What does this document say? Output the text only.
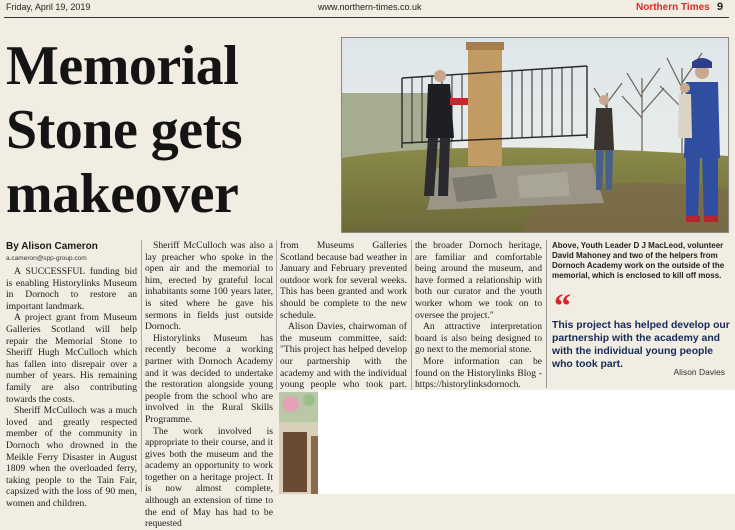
Friday, April 19, 2019	www.northern-times.co.uk	Northern Times 9
Memorial
Stone gets
makeover
By Alison Cameron
a.cameron@spp-group.com

A SUCCESSFUL funding bid is enabling Historylinks Museum in Dornoch to restore an important landmark.

A project grant from Museum Galleries Scotland will help repair the Memorial Stone to Sheriff Hugh McCulloch which has fallen into disrepair over a number of years. His remaining family are also contributing towards the costs.

Sheriff McCulloch was a much loved and greatly respected member of the community in Dornoch who drowned in the Meikle Ferry Disaster in August 1809 when the overloaded ferry, taking people to the Tain Fair, capsized with the loss of 90 men, women and children.

Sheriff McCulloch was also a lay preacher who spoke in the open air and the memorial to him, erected by grateful local inhabitants some 100 years later, is sited where he gave his sermons in fields just outside Dornoch.

Historylinks Museum has recently become a working partner with Dornoch Academy and it was decided to undertake the restoration alongside young people from the school who are involved in the Rural Skills Programme.

The work involved is appropriate to their course, and it gives both the museum and the academy an opportunity to work together on a heritage project. It is now almost complete, although an extension of time to the end of May has had to be requested

from Museums Galleries Scotland because bad weather in January and February prevented outdoor work for several weeks. This has been granted and work should be complete to the new schedule.

Alison Davies, chairwoman of the museum committee, said: "This project has helped develop our partnership with the academy and with the individual young people who took part.

the broader Dornoch heritage, are familiar and comfortable being around the museum, and have formed a relationship with both our curator and the youth worker whom we took on to oversee the project."

An attractive interpretation board is also being designed to go next to the memorial stone.

More information can be found on the Historylinks Blog - https://historylinksdornoch.

Above, Youth Leader D J MacLeod, volunteer David Mahoney and two of the helpers from Dornoch Academy work on the outside of the memorial, which is enclosed to kill off moss.
“
This project has helped develop our partnership with the academy and with the individual young people who took part.
Alison Davies
